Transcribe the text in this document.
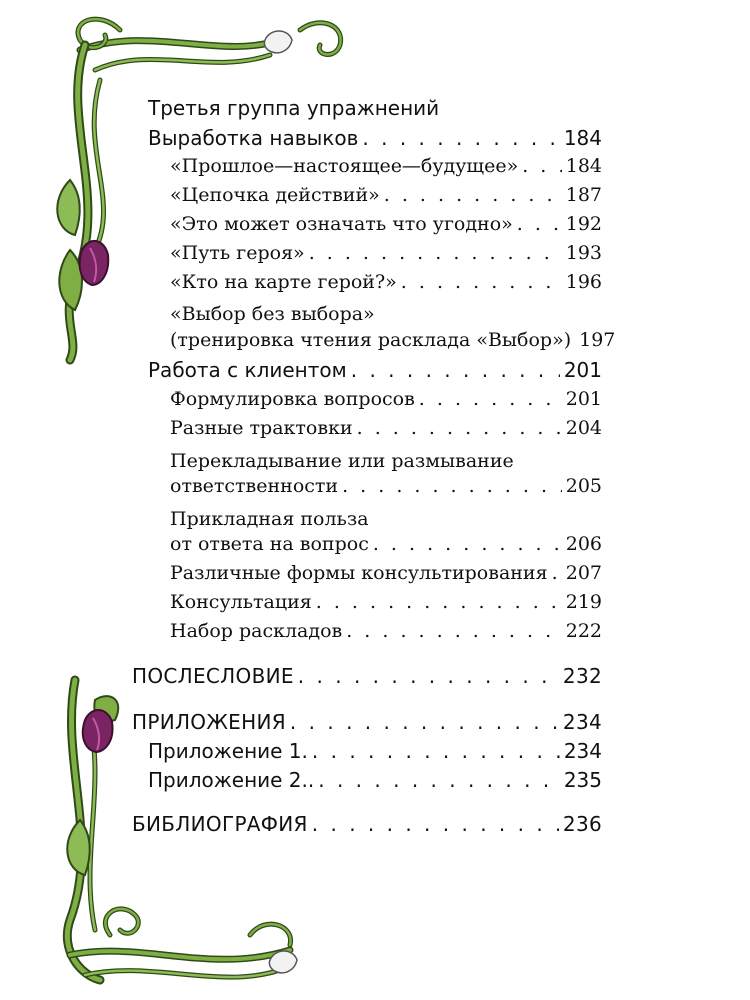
Третья группа упражнений
Выработка навыков . . .	184
«Прошлое—настоящее—будущее» . . .	184
«Цепочка действий» . . .	187
«Это может означать что угодно» . . .	192
«Путь героя» . . .	193
«Кто на карте герой?» . . .	196
«Выбор без выбора»
(тренировка чтения расклада «Выбор») 197
Работа с клиентом . . .	201
Формулировка вопросов . . .	201
Разные трактовки . . .	204
Перекладывание или размывание
ответственности . . .	205
Прикладная польза
от ответа на вопрос . . .	206
Различные формы консультирования . . . 207
Консультация . . .	219
Набор раскладов . . .	222
ПОСЛЕСЛОВИЕ . . .	232
ПРИЛОЖЕНИЯ . . .	234
Приложение 1. . . .	234
Приложение 2.. . . .	235
БИБЛИОГРАФИЯ . . .	236
